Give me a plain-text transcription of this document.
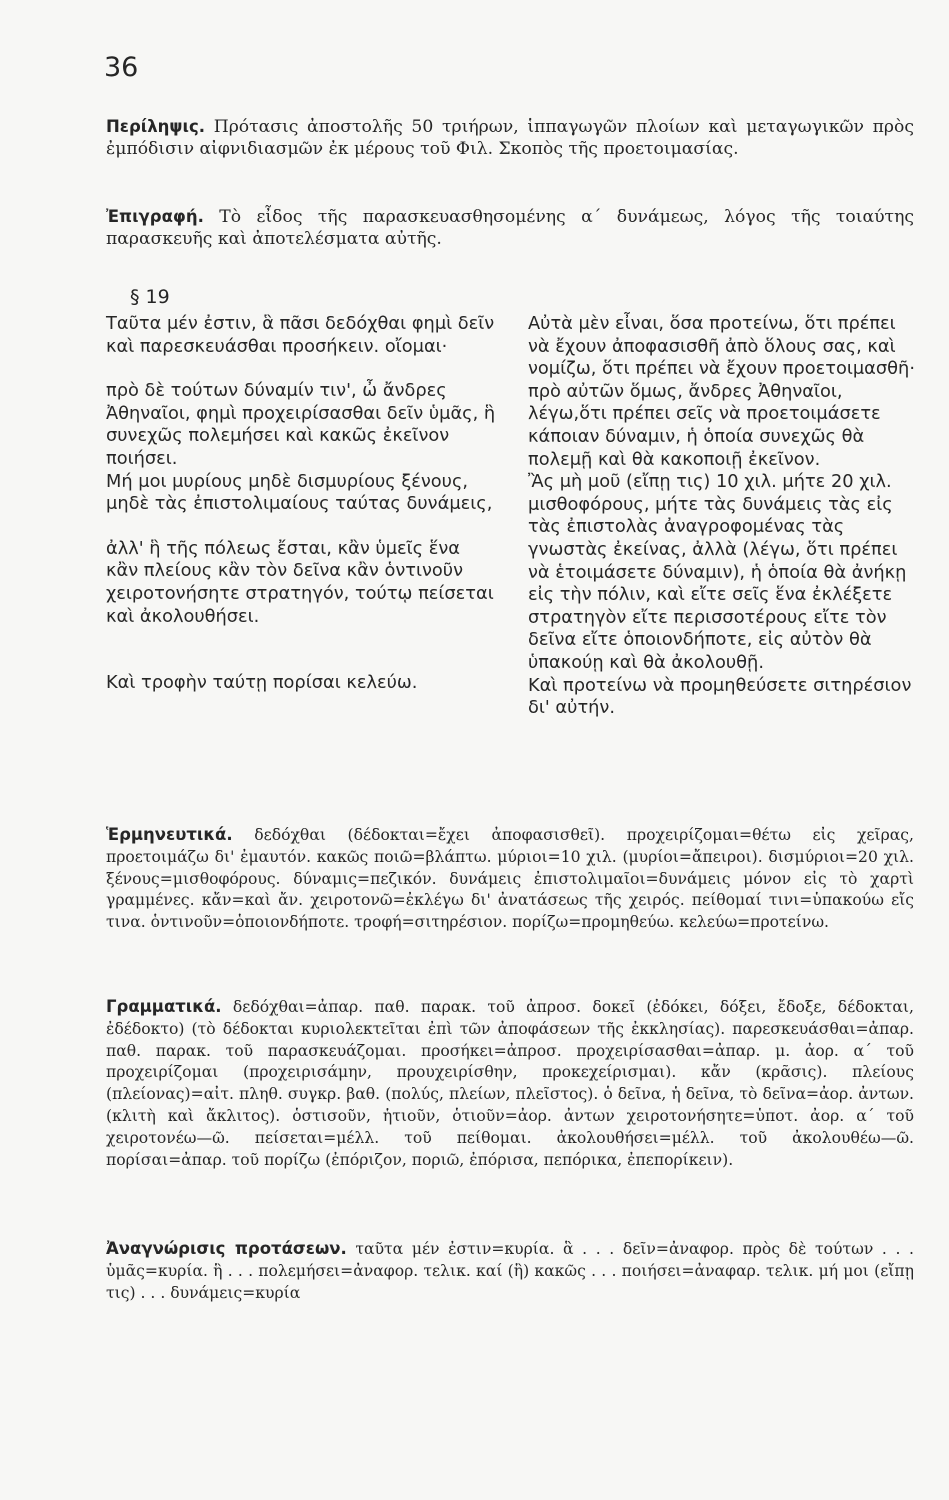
36
Περίληψις. Πρότασις ἀποστολῆς 50 τριήρων, ἱππαγωγῶν πλοίων καὶ μεταγωγικῶν πρὸς ἐμπόδισιν αἰφνιδιασμῶν ἐκ μέρους τοῦ Φιλ. Σκοπὸς τῆς προετοιμασίας.
Ἐπιγραφή. Τὸ εἶδος τῆς παρασκευασθησομένης α΄ δυνάμεως, λόγος τῆς τοιαύτης παρασκευῆς καὶ ἀποτελέσματα αὐτῆς.
§ 19

Ταῦτα μέν ἐστιν, ἃ πᾶσι δεδόχθαι φημὶ δεῖν καὶ παρεσκευάσθαι προσήκειν. οἴομαι·

πρὸ δὲ τούτων δύναμίν τιν', ὦ ἄνδρες Ἀθηναῖοι, φημὶ προχειρίσασθαι δεῖν ὑμᾶς, ἣ συνεχῶς πολεμήσει καὶ κακῶς ἐκεῖνον ποιήσει.

Μή μοι μυρίους μηδὲ δισμυρίους ξένους, μηδὲ τὰς ἐπιστολιμαίους ταύτας δυνάμεις,

ἀλλ' ἣ τῆς πόλεως ἔσται, κἂν ὑμεῖς ἕνα κἂν πλείους κἂν τὸν δεῖνα κἂν ὁντινοῦν χειροτονήσητε στρατηγόν, τούτῳ πείσεται καὶ ἀκολουθήσει.

Καὶ τροφὴν ταύτῃ πορίσαι κελεύω.

Αὐτὰ μὲν εἶναι, ὅσα προτείνω, ὅτι πρέπει νὰ ἔχουν ἀποφασισθῆ ἀπὸ ὅλους σας, καὶ νομίζω, ὅτι πρέπει νὰ ἔχουν προετοιμασθῆ·

πρὸ αὐτῶν ὅμως, ἄνδρες Ἀθηναῖοι, λέγω,ὅτι πρέπει σεῖς νὰ προετοιμάσετε κάποιαν δύναμιν, ἡ ὁποία συνεχῶς θὰ πολεμῇ καὶ θὰ κακοποιῇ ἐκεῖνον.

Ἂς μὴ μοῦ (εἴπῃ τις) 10 χιλ. μήτε 20 χιλ. μισθοφόρους, μήτε τὰς δυνάμεις τὰς εἰς τὰς ἐπιστολὰς ἀναγροφομένας τὰς γνωστὰς ἐκείνας, ἀλλὰ (λέγω, ὅτι πρέπει νὰ ἑτοιμάσετε δύναμιν), ἡ ὁποία θὰ ἀνήκῃ εἰς τὴν πόλιν, καὶ εἴτε σεῖς ἕνα ἐκλέξετε στρατηγὸν εἴτε περισσοτέρους εἴτε τὸν δεῖνα εἴτε ὁποιονδήποτε, εἰς αὐτὸν θὰ ὑπακούῃ καὶ θὰ ἀκολουθῇ.

Καὶ προτείνω νὰ προμηθεύσετε σιτηρέσιον δι' αὐτήν.

Ἑρμηνευτικά. δεδόχθαι (δέδοκται=ἔχει ἀποφασισθεῖ). προχειρίζομαι=θέτω εἰς χεῖρας, προετοιμάζω δι' ἐμαυτόν. κακῶς ποιῶ=βλάπτω. μύριοι=10 χιλ. (μυρίοι=ἄπειροι). δισμύριοι=20 χιλ. ξένους=μισθοφόρους. δύναμις=πεζικόν. δυνάμεις ἐπιστολιμαῖοι=δυνάμεις μόνον εἰς τὸ χαρτὶ γραμμένες. κἄν=καὶ ἄν. χειροτονῶ=ἐκλέγω δι' ἀνατάσεως τῆς χειρός. πείθομαί τινι=ὑπακούω εἴς τινα. ὁντινοῦν=ὁποιονδήποτε. τροφή=σιτηρέσιον. πορίζω=προμηθεύω. κελεύω=προτείνω.
Γραμματικά. δεδόχθαι=ἀπαρ. παθ. παρακ. τοῦ ἀπροσ. δοκεῖ (ἐδόκει, δόξει, ἔδοξε, δέδοκται, ἐδέδοκτο) (τὸ δέδοκται κυριολεκτεῖται ἐπὶ τῶν ἀποφάσεων τῆς ἐκκλησίας). παρεσκευάσθαι=ἀπαρ. παθ. παρακ. τοῦ παρασκευάζομαι. προσήκει=ἀπροσ. προχειρίσασθαι=ἀπαρ. μ. ἀορ. α΄ τοῦ προχειρίζομαι (προχειρισάμην, προυχειρίσθην, προκεχείρισμαι). κἄν (κρᾶσις). πλείους (πλείονας)=αἰτ. πληθ. συγκρ. βαθ. (πολύς, πλείων, πλεῖστος). ὁ δεῖνα, ἡ δεῖνα, τὸ δεῖνα=ἀορ. ἀντων. (κλιτὴ καὶ ἄκλιτος). ὁστισοῦν, ἡτιοῦν, ὁτιοῦν=ἀορ. ἀντων χειροτονήσητε=ὑποτ. ἀορ. α΄ τοῦ χειροτονέω—ῶ. πείσεται=μέλλ. τοῦ πείθομαι. ἀκολουθήσει=μέλλ. τοῦ ἀκολουθέω—ῶ. πορίσαι=ἀπαρ. τοῦ πορίζω (ἐπόριζον, ποριῶ, ἐπόρισα, πεπόρικα, ἐπεπορίκειν).
Ἀναγνώρισις προτάσεων. ταῦτα μέν ἐστιν=κυρία. ἃ . . . δεῖν=ἀναφορ. πρὸς δὲ τούτων . . . ὑμᾶς=κυρία. ἣ . . . πολεμήσει=ἀναφορ. τελικ. καί (ἣ) κακῶς . . . ποιήσει=ἀναφαρ. τελικ. μή μοι (εἴπῃ τις) . . . δυνάμεις=κυρία
